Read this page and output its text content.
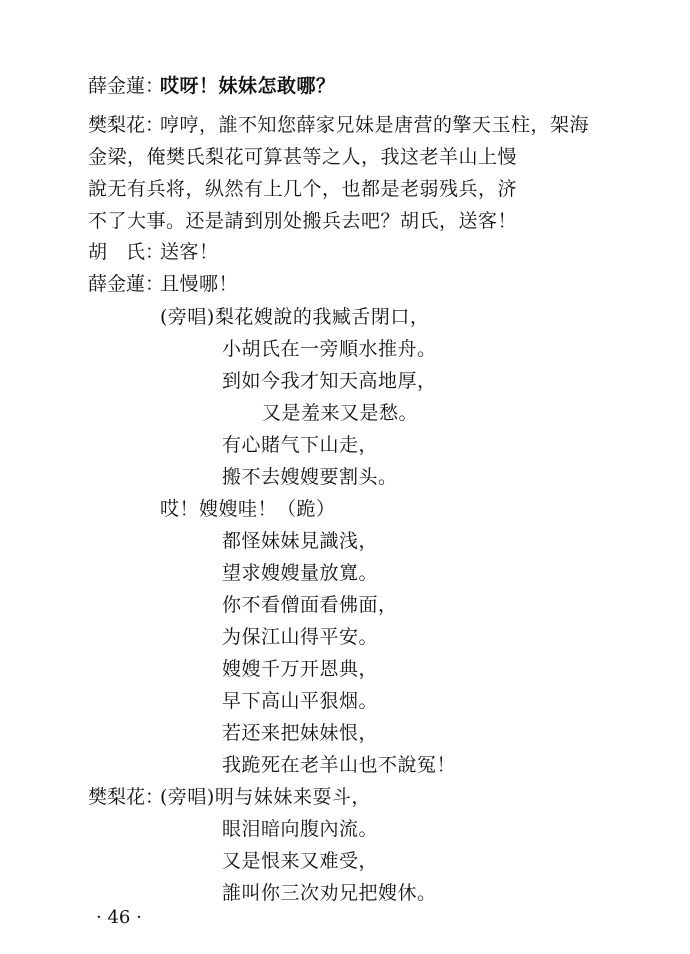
薛金蓮：
哎呀！妹妹怎敢哪？
樊梨花：
哼哼，誰不知您薛家兄妹是唐营的擎天玉柱，架海
金梁，俺樊氏梨花可算甚等之人，我这老羊山上慢
說无有兵将，纵然有上几个，也都是老弱残兵，济
不了大事。还是請到別处搬兵去吧？胡氏，送客！
胡　氏：
送客！
薛金蓮：
且慢哪！
(旁唱)梨花嫂說的我臧舌閉口，
小胡氏在一旁順水推舟。
到如今我才知天高地厚，
又是羞来又是愁。
有心賭气下山走，
搬不去嫂嫂要割头。
哎！嫂嫂哇！（跪）
都怪妹妹見識浅，
望求嫂嫂量放寬。
你不看僧面看佛面，
为保江山得平安。
嫂嫂千万开恩典，
早下高山平狠烟。
若还来把妹妹恨，
我跪死在老羊山也不說冤！
樊梨花：
(旁唱)明与妹妹来耍斗，
眼泪暗向腹內流。
又是恨来又难受，
誰叫你三次劝兄把嫂休。
· 46 ·
